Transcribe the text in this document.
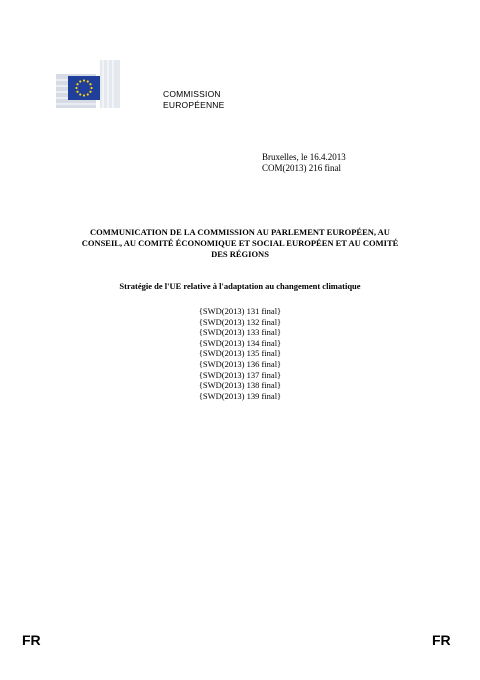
COMMISSION
EUROPÉENNE
Bruxelles, le 16.4.2013
COM(2013) 216 final
COMMUNICATION DE LA COMMISSION AU PARLEMENT EUROPÉEN, AU
CONSEIL, AU COMITÉ ÉCONOMIQUE ET SOCIAL EUROPÉEN ET AU COMITÉ
DES RÉGIONS
Stratégie de l'UE relative à l'adaptation au changement climatique
{SWD(2013) 131 final}
{SWD(2013) 132 final}
{SWD(2013) 133 final}
{SWD(2013) 134 final}
{SWD(2013) 135 final}
{SWD(2013) 136 final}
{SWD(2013) 137 final}
{SWD(2013) 138 final}
{SWD(2013) 139 final}
FR	FR
